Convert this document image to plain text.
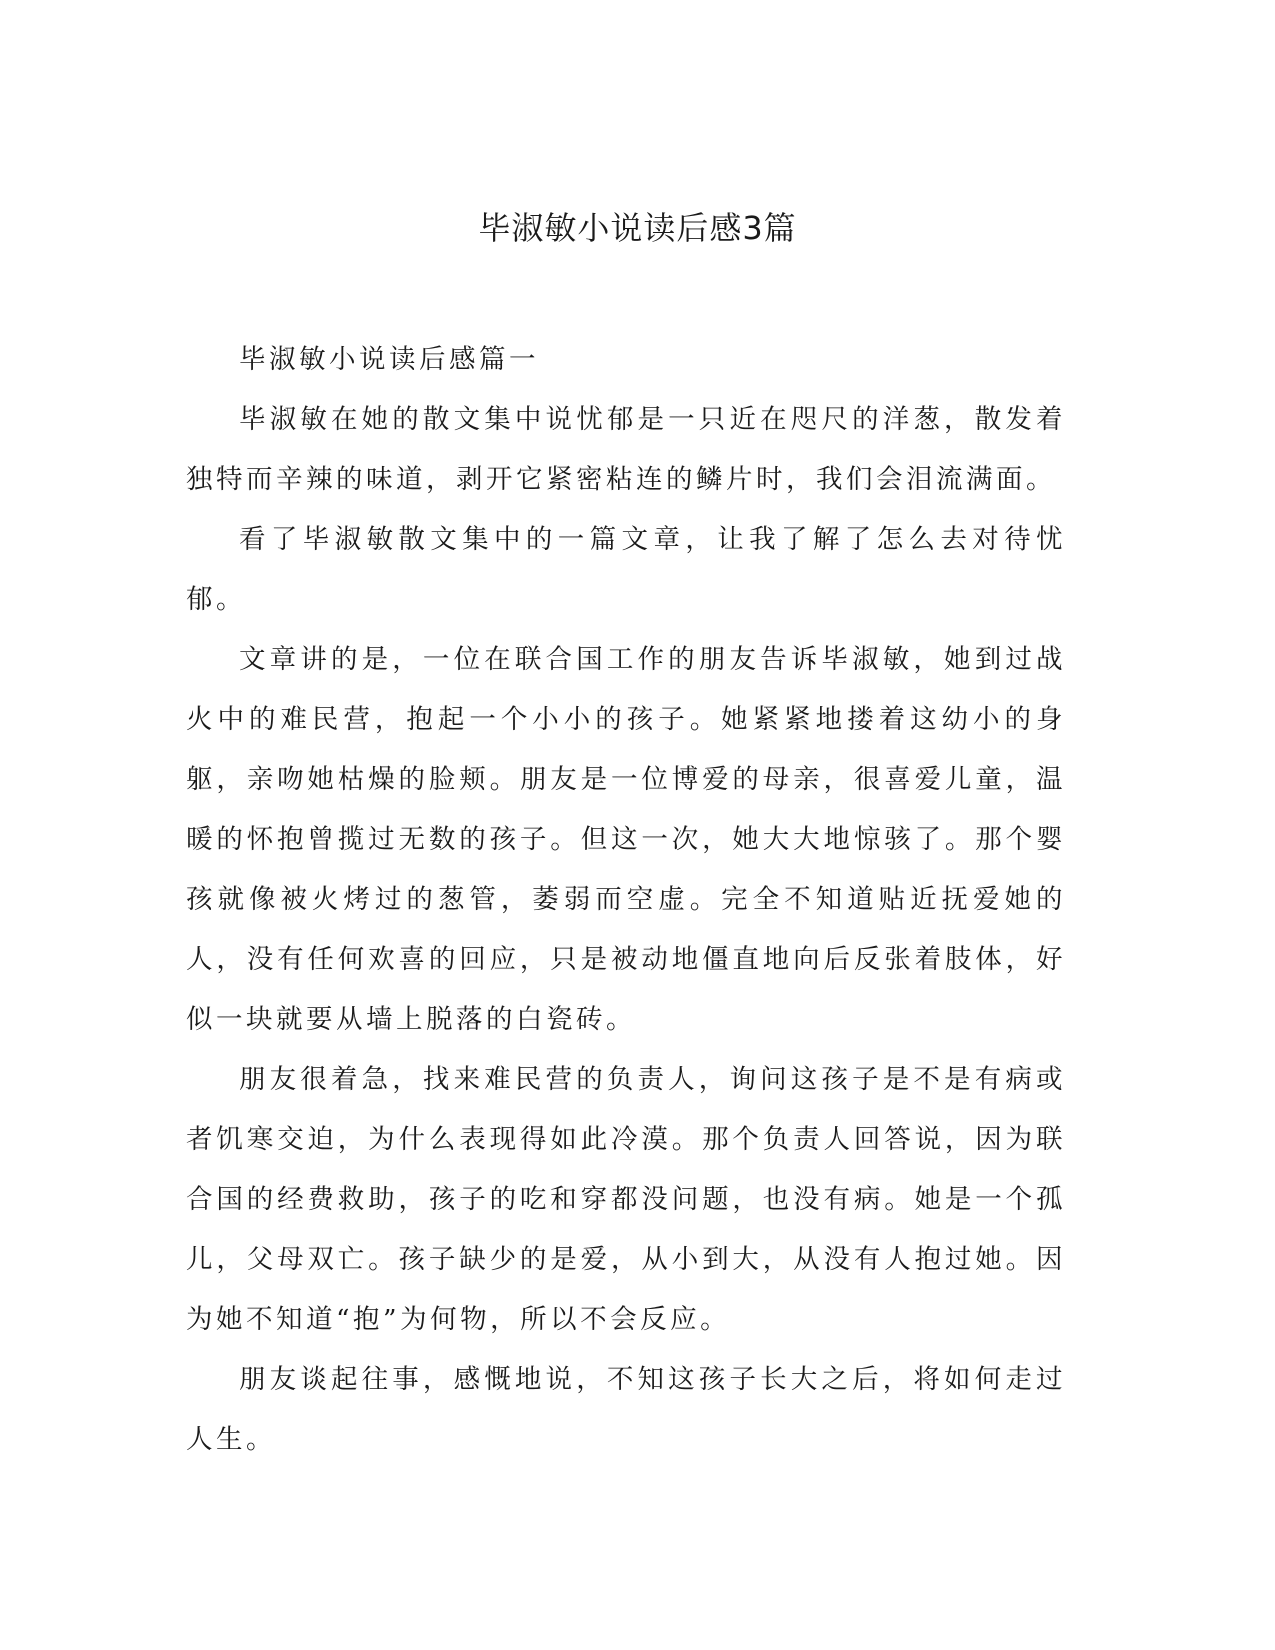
毕淑敏小说读后感3篇

毕淑敏小说读后感篇一

毕淑敏在她的散文集中说忧郁是一只近在咫尺的洋葱，散发着独特而辛辣的味道，剥开它紧密粘连的鳞片时，我们会泪流满面。

看了毕淑敏散文集中的一篇文章，让我了解了怎么去对待忧郁。

文章讲的是，一位在联合国工作的朋友告诉毕淑敏，她到过战火中的难民营，抱起一个小小的孩子。她紧紧地搂着这幼小的身躯，亲吻她枯燥的脸颊。朋友是一位博爱的母亲，很喜爱儿童，温暖的怀抱曾揽过无数的孩子。但这一次，她大大地惊骇了。那个婴孩就像被火烤过的葱管，萎弱而空虚。完全不知道贴近抚爱她的人，没有任何欢喜的回应，只是被动地僵直地向后反张着肢体，好似一块就要从墙上脱落的白瓷砖。

朋友很着急，找来难民营的负责人，询问这孩子是不是有病或者饥寒交迫，为什么表现得如此冷漠。那个负责人回答说，因为联合国的经费救助，孩子的吃和穿都没问题，也没有病。她是一个孤儿，父母双亡。孩子缺少的是爱，从小到大，从没有人抱过她。因为她不知道“抱”为何物，所以不会反应。

朋友谈起往事，感慨地说，不知这孩子长大之后，将如何走过人生。
